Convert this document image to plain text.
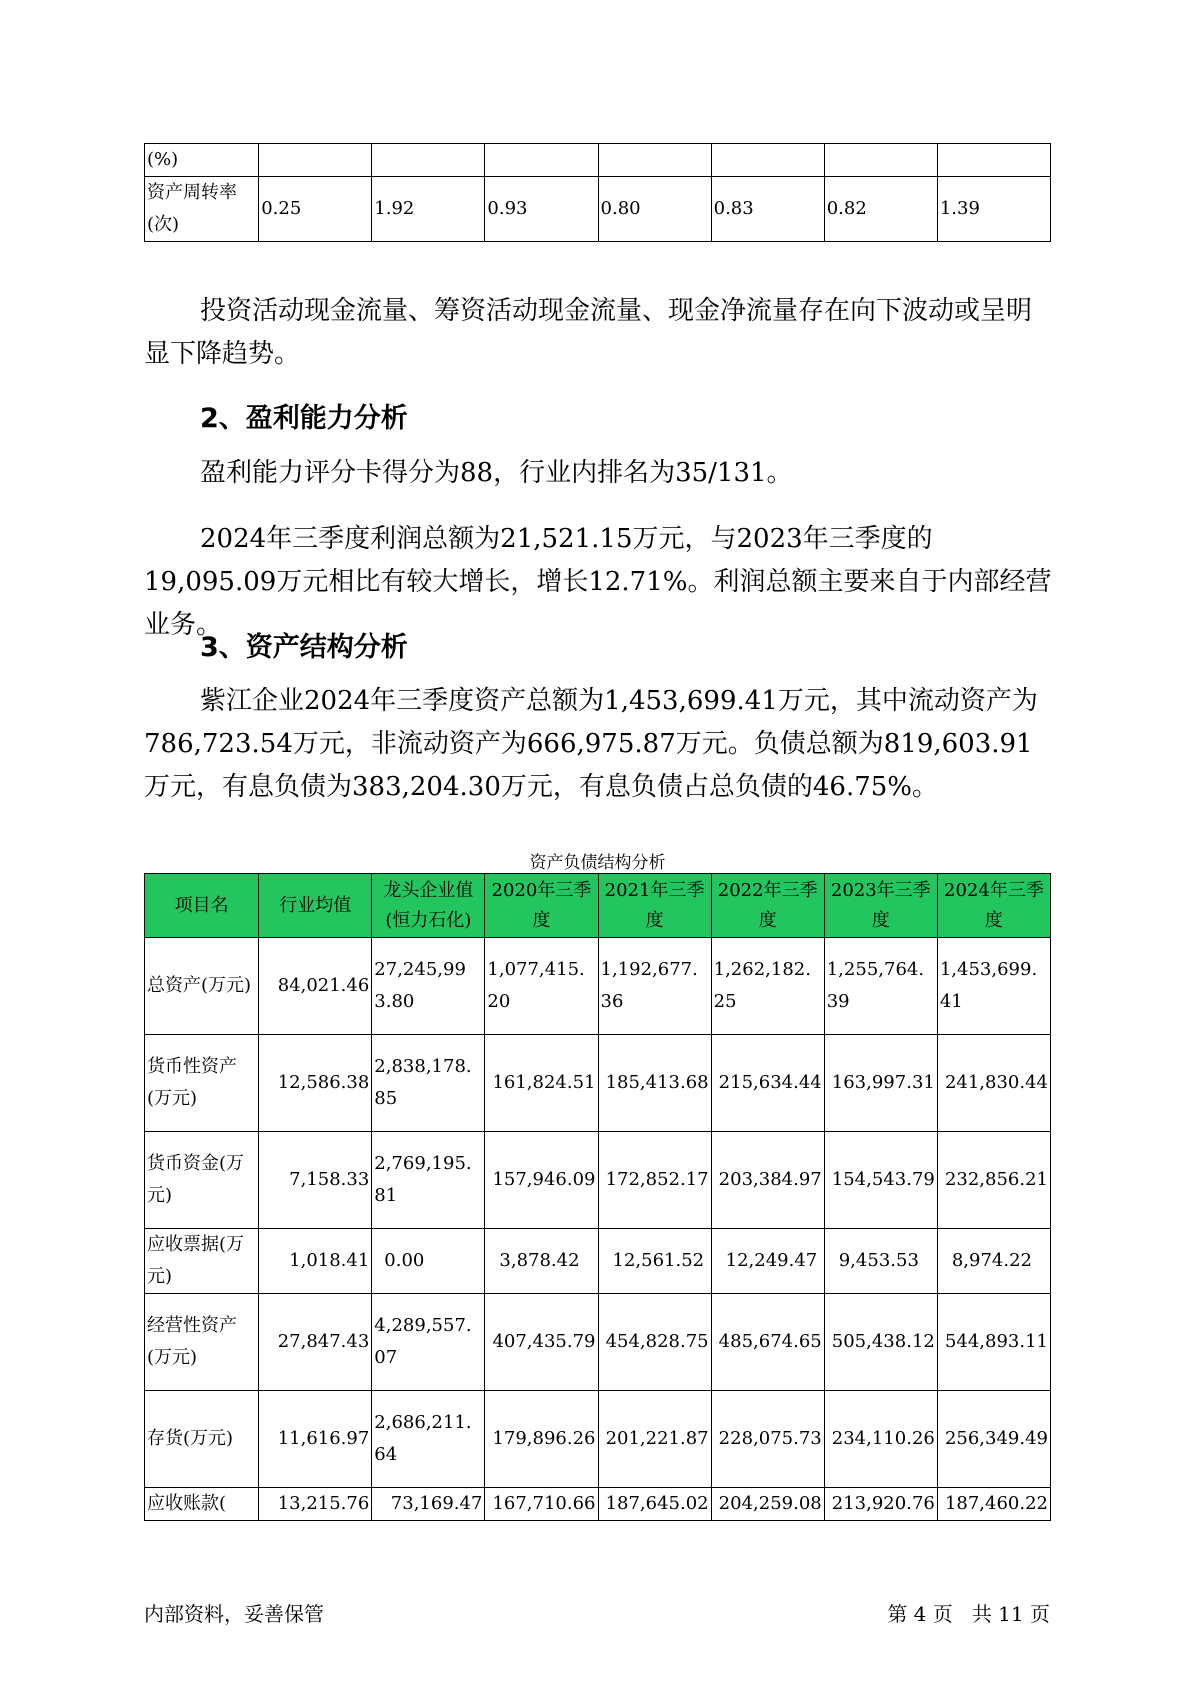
(%)							
资产周转率(次)	0.25	1.92	0.93	0.80	0.83	0.82	1.39

投资活动现金流量、筹资活动现金流量、现金净流量存在向下波动或呈明显下降趋势。

2、盈利能力分析

盈利能力评分卡得分为88，行业内排名为35/131。

2024年三季度利润总额为21,521.15万元，与2023年三季度的19,095.09万元相比有较大增长，增长12.71%。利润总额主要来自于内部经营业务。

3、资产结构分析

紫江企业2024年三季度资产总额为1,453,699.41万元，其中流动资产为786,723.54万元，非流动资产为666,975.87万元。负债总额为819,603.91万元，有息负债为383,204.30万元，有息负债占总负债的46.75%。

资产负债结构分析
项目名	行业均值	龙头企业值(恒力石化)	2020年三季度	2021年三季度	2022年三季度	2023年三季度	2024年三季度
总资产(万元)	84,021.46	27,245,993.80	1,077,415.20	1,192,677.36	1,262,182.25	1,255,764.39	1,453,699.41
货币性资产(万元)	12,586.38	2,838,178.85	161,824.51	185,413.68	215,634.44	163,997.31	241,830.44
货币资金(万元)	7,158.33	2,769,195.81	157,946.09	172,852.17	203,384.97	154,543.79	232,856.21
应收票据(万元)	1,018.41	0.00	3,878.42	12,561.52	12,249.47	9,453.53	8,974.22
经营性资产(万元)	27,847.43	4,289,557.07	407,435.79	454,828.75	485,674.65	505,438.12	544,893.11
存货(万元)	11,616.97	2,686,211.64	179,896.26	201,221.87	228,075.73	234,110.26	256,349.49
应收账款(	13,215.76	73,169.47	167,710.66	187,645.02	204,259.08	213,920.76	187,460.22
内部资料，妥善保管	第 4 页   共 11 页
